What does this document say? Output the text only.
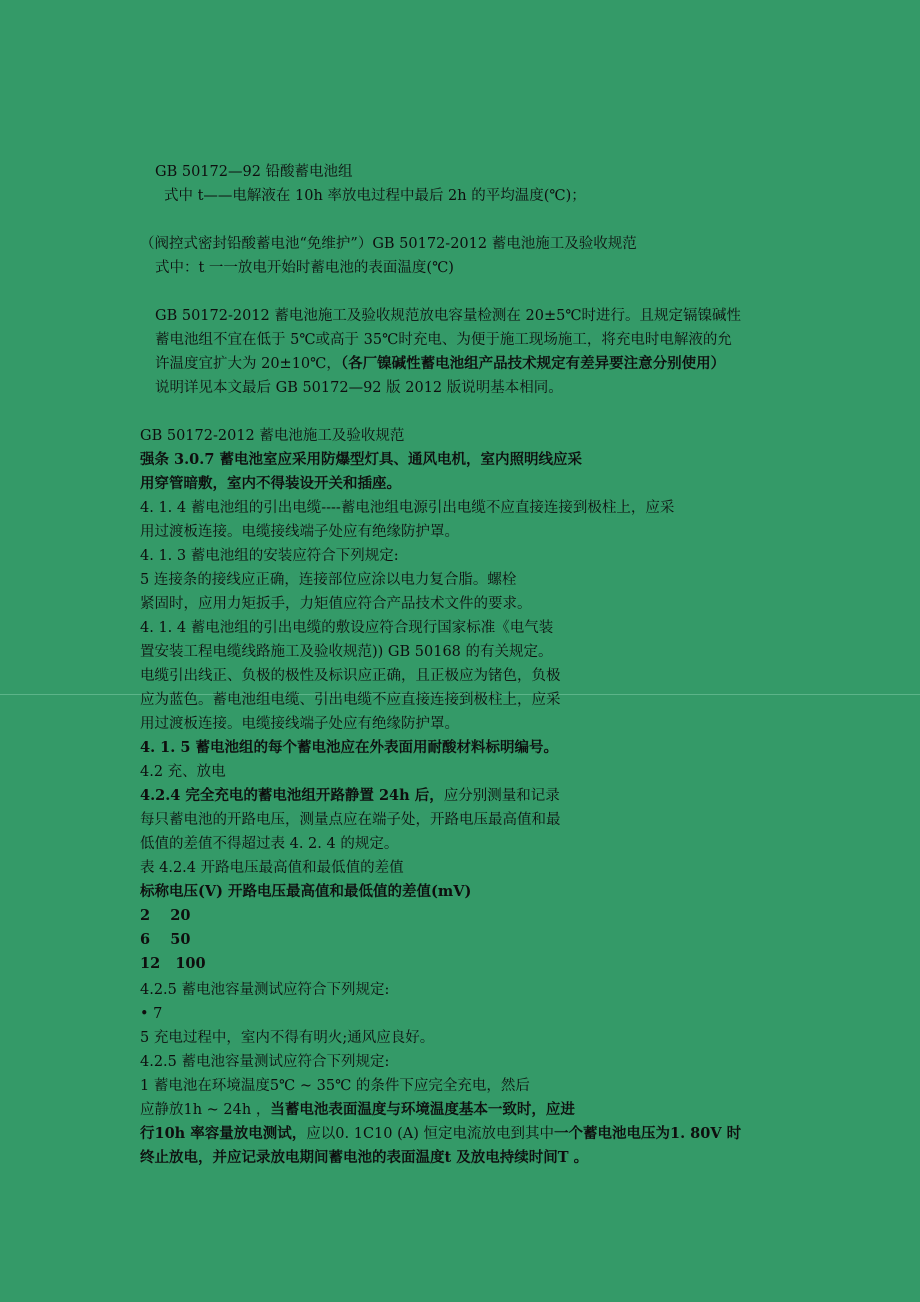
GB 50172—92 铅酸蓄电池组
式中 t——电解液在 10h 率放电过程中最后 2h 的平均温度(℃)；
（阀控式密封铅酸蓄电池“免维护”）GB 50172-2012 蓄电池施工及验收规范
式中：t 一一放电开始时蓄电池的表面温度(℃)
GB 50172-2012 蓄电池施工及验收规范放电容量检测在 20±5℃时进行。且规定镉镍碱性
蓄电池组不宜在低于 5℃或高于 35℃时充电、为便于施工现场施工，将充电时电解液的允
许温度宜扩大为 20±10℃，（各厂镍碱性蓄电池组产品技术规定有差异要注意分别使用）
说明详见本文最后 GB 50172—92 版 2012 版说明基本相同。
GB 50172-2012 蓄电池施工及验收规范
强条 3.0.7 蓄电池室应采用防爆型灯具、通风电机，室内照明线应采
用穿管暗敷，室内不得装设开关和插座。
4. 1. 4 蓄电池组的引出电缆----蓄电池组电源引出电缆不应直接连接到极柱上，应采
用过渡板连接。电缆接线端子处应有绝缘防护罩。
4. 1. 3 蓄电池组的安装应符合下列规定:
5 连接条的接线应正确，连接部位应涂以电力复合脂。螺栓
紧固时，应用力矩扳手，力矩值应符合产品技术文件的要求。
4. 1. 4 蓄电池组的引出电缆的敷设应符合现行国家标准《电气装
置安装工程电缆线路施工及验收规范)) GB 50168 的有关规定。
电缆引出线正、负极的极性及标识应正确，且正极应为锗色，负极
应为蓝色。蓄电池组电缆、引出电缆不应直接连接到极柱上，应采
用过渡板连接。电缆接线端子处应有绝缘防护罩。
4. 1. 5 蓄电池组的每个蓄电池应在外表面用耐酸材料标明编号。
4.2 充、放电
4.2.4 完全充电的蓄电池组开路静置 24h 后，应分别测量和记录
每只蓄电池的开路电压，测量点应在端子处，开路电压最高值和最
低值的差值不得超过表 4. 2. 4 的规定。
表 4.2.4 开路电压最高值和最低值的差值
标称电压(V) 开路电压最高值和最低值的差值(mV)
2    20
6    50
12   100
4.2.5 蓄电池容量测试应符合下列规定:
• 7
5 充电过程中，室内不得有明火;通风应良好。
4.2.5 蓄电池容量测试应符合下列规定:
1 蓄电池在环境温度5℃ ~ 35℃ 的条件下应完全充电，然后
应静放1h ~ 24h ，当蓄电池表面温度与环境温度基本一致时，应进
行10h 率容量放电测试，应以0. 1C10 (A) 恒定电流放电到其中一个蓄电池电压为1. 80V 时
终止放电，并应记录放电期间蓄电池的表面温度t 及放电持续时间T 。
